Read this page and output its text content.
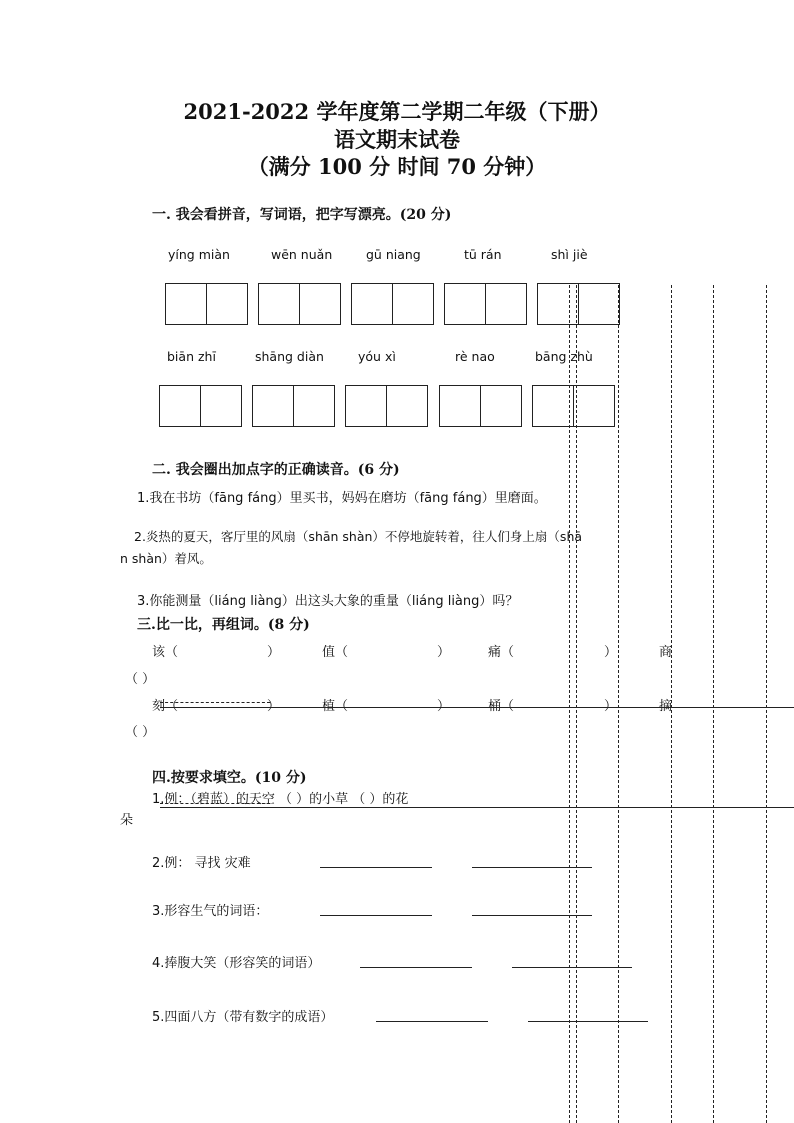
2021-2022 学年度第二学期二年级（下册）
语文期末试卷
（满分 100 分 时间 70 分钟）
一. 我会看拼音，写词语，把字写漂亮。(20 分)
yíng miàn	wēn nuǎn	gū niang	tū rán	shì jiè
biān zhī	shāng diàn	yóu xì	rè nao	bāng zhù
二. 我会圈出加点字的正确读音。(6 分)
1.我在书坊（fāng fáng）里买书，妈妈在磨坊（fāng fáng）里磨面。
2.炎热的夏天，客厅里的风扇（shān shàn）不停地旋转着，往人们身上扇（shā
n shàn）着风。
3.你能测量（liáng liàng）出这头大象的重量（liáng liàng）吗？
三.比一比，再组词。(8 分)
该（	）	值（	）	痛（	）	商
（ ）
刻（	）	植（	）	桶（	）	摘
（ ）
四.按要求填空。(10 分)
1.例：（碧蓝）的天空 （ ）的小草 （ ）的花
朵
2.例： 寻找 灾难
3.形容生气的词语：
4.捧腹大笑（形容笑的词语）
5.四面八方（带有数字的成语）
